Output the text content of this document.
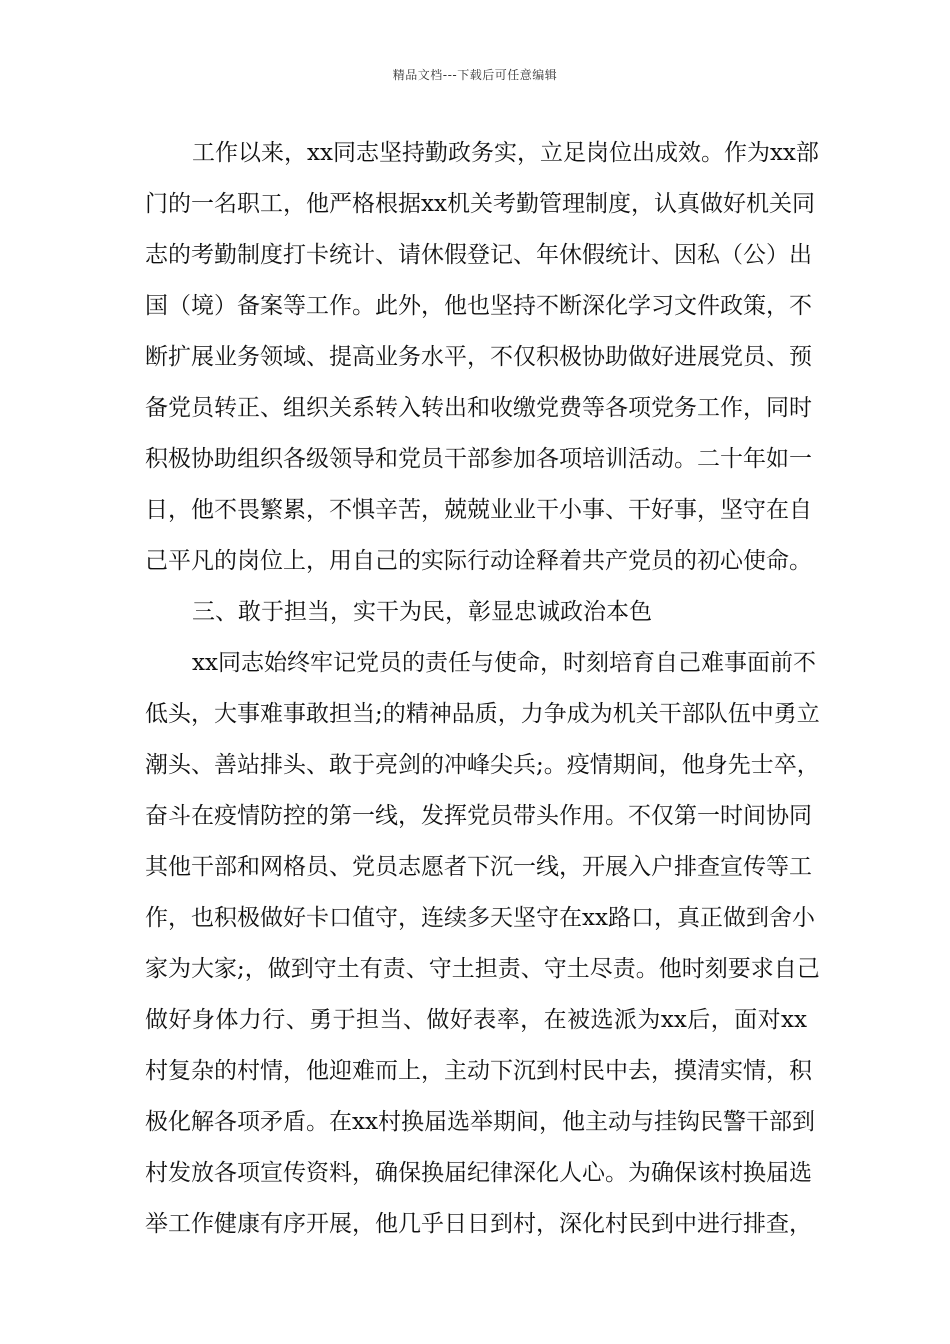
精品文档---下载后可任意编辑
工作以来，xx同志坚持勤政务实，立足岗位出成效。作为xx部
门的一名职工，他严格根据xx机关考勤管理制度，认真做好机关同
志的考勤制度打卡统计、请休假登记、年休假统计、因私（公）出
国（境）备案等工作。此外，他也坚持不断深化学习文件政策，不
断扩展业务领域、提高业务水平，不仅积极协助做好进展党员、预
备党员转正、组织关系转入转出和收缴党费等各项党务工作，同时
积极协助组织各级领导和党员干部参加各项培训活动。二十年如一
日，他不畏繁累，不惧辛苦，兢兢业业干小事、干好事，坚守在自
己平凡的岗位上，用自己的实际行动诠释着共产党员的初心使命。
三、敢于担当，实干为民，彰显忠诚政治本色
xx同志始终牢记党员的责任与使命，时刻培育自己难事面前不
低头，大事难事敢担当;的精神品质，力争成为机关干部队伍中勇立
潮头、善站排头、敢于亮剑的冲峰尖兵;。疫情期间，他身先士卒，
奋斗在疫情防控的第一线，发挥党员带头作用。不仅第一时间协同
其他干部和网格员、党员志愿者下沉一线，开展入户排查宣传等工
作，也积极做好卡口值守，连续多天坚守在xx路口，真正做到舍小
家为大家;，做到守土有责、守土担责、守土尽责。他时刻要求自己
做好身体力行、勇于担当、做好表率，在被选派为xx后，面对xx
村复杂的村情，他迎难而上，主动下沉到村民中去，摸清实情，积
极化解各项矛盾。在xx村换届选举期间，他主动与挂钩民警干部到
村发放各项宣传资料，确保换届纪律深化人心。为确保该村换届选
举工作健康有序开展，他几乎日日到村，深化村民到中进行排查，
